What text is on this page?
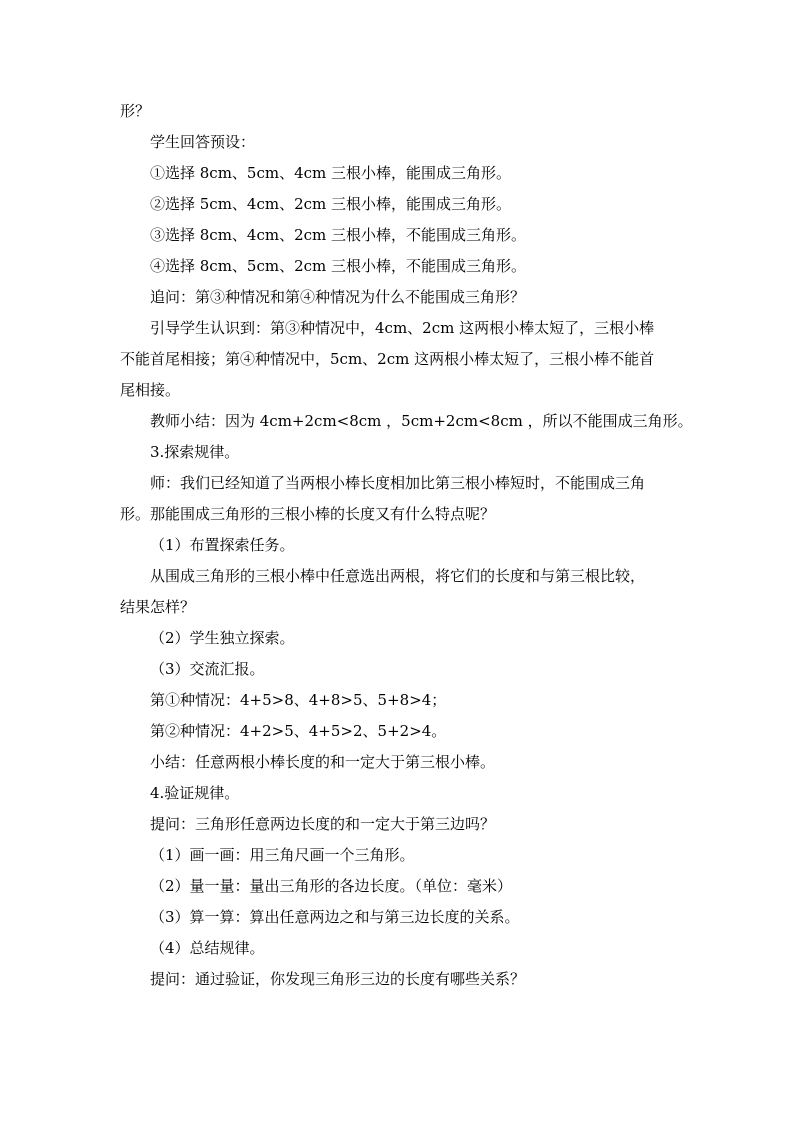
形？

学生回答预设：

①选择 8cm、5cm、4cm 三根小棒，能围成三角形。

②选择 5cm、4cm、2cm 三根小棒，能围成三角形。

③选择 8cm、4cm、2cm 三根小棒，不能围成三角形。

④选择 8cm、5cm、2cm 三根小棒，不能围成三角形。

追问：第③种情况和第④种情况为什么不能围成三角形？

引导学生认识到：第③种情况中，4cm、2cm 这两根小棒太短了，三根小棒

不能首尾相接；第④种情况中，5cm、2cm 这两根小棒太短了，三根小棒不能首

尾相接。

教师小结：因为 4cm+2cm<8cm ，5cm+2cm<8cm ，所以不能围成三角形。

3.探索规律。

师：我们已经知道了当两根小棒长度相加比第三根小棒短时，不能围成三角

形。那能围成三角形的三根小棒的长度又有什么特点呢？

（1）布置探索任务。

从围成三角形的三根小棒中任意选出两根，将它们的长度和与第三根比较，

结果怎样？

（2）学生独立探索。

（3）交流汇报。

第①种情况：4+5>8、4+8>5、5+8>4；

第②种情况：4+2>5、4+5>2、5+2>4。

小结：任意两根小棒长度的和一定大于第三根小棒。

4.验证规律。

提问：三角形任意两边长度的和一定大于第三边吗？

（1）画一画：用三角尺画一个三角形。

（2）量一量：量出三角形的各边长度。（单位：毫米）

（3）算一算：算出任意两边之和与第三边长度的关系。

（4）总结规律。

提问：通过验证，你发现三角形三边的长度有哪些关系？
